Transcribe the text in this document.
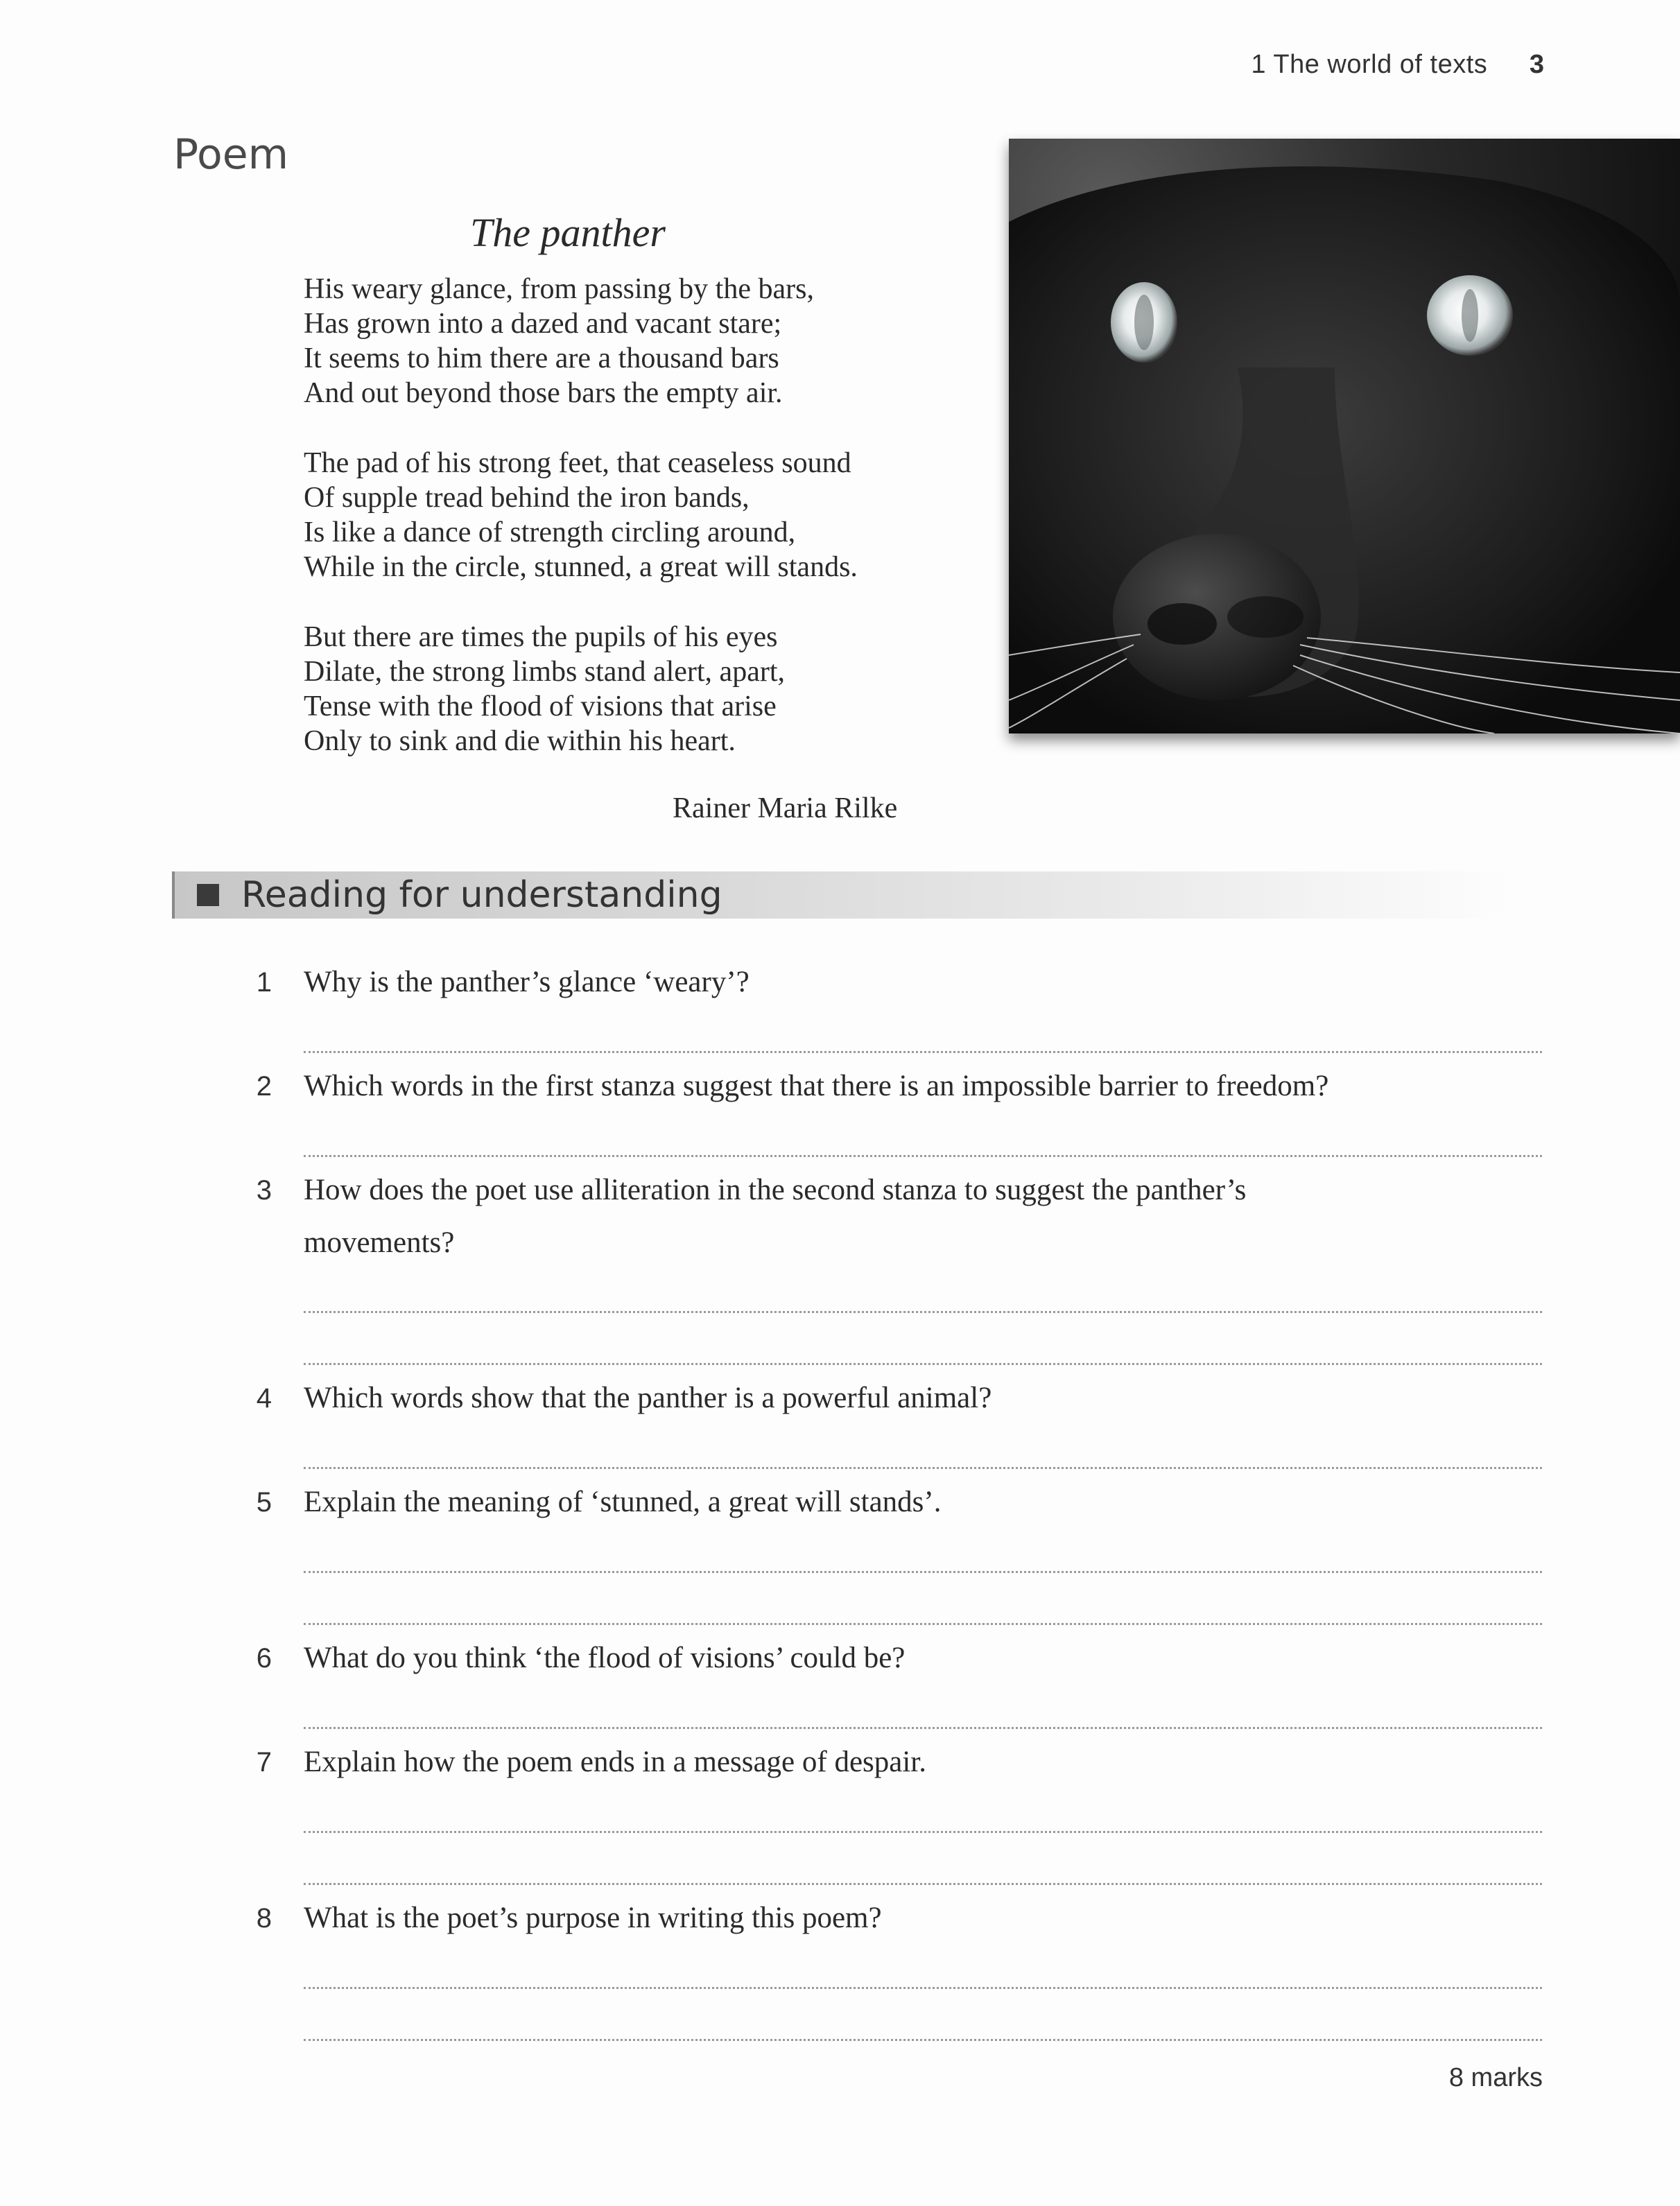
1 The world of texts 3
Poem
The panther
His weary glance, from passing by the bars,
Has grown into a dazed and vacant stare;
It seems to him there are a thousand bars
And out beyond those bars the empty air.
The pad of his strong feet, that ceaseless sound
Of supple tread behind the iron bands,
Is like a dance of strength circling around,
While in the circle, stunned, a great will stands.
But there are times the pupils of his eyes
Dilate, the strong limbs stand alert, apart,
Tense with the flood of visions that arise
Only to sink and die within his heart.
Rainer Maria Rilke
Reading for understanding
1 Why is the panther’s glance ‘weary’?
2 Which words in the first stanza suggest that there is an impossible barrier to freedom?
3 How does the poet use alliteration in the second stanza to suggest the panther’s
movements?
4 Which words show that the panther is a powerful animal?
5 Explain the meaning of ‘stunned, a great will stands’.
6 What do you think ‘the flood of visions’ could be?
7 Explain how the poem ends in a message of despair.
8 What is the poet’s purpose in writing this poem?
8 marks
